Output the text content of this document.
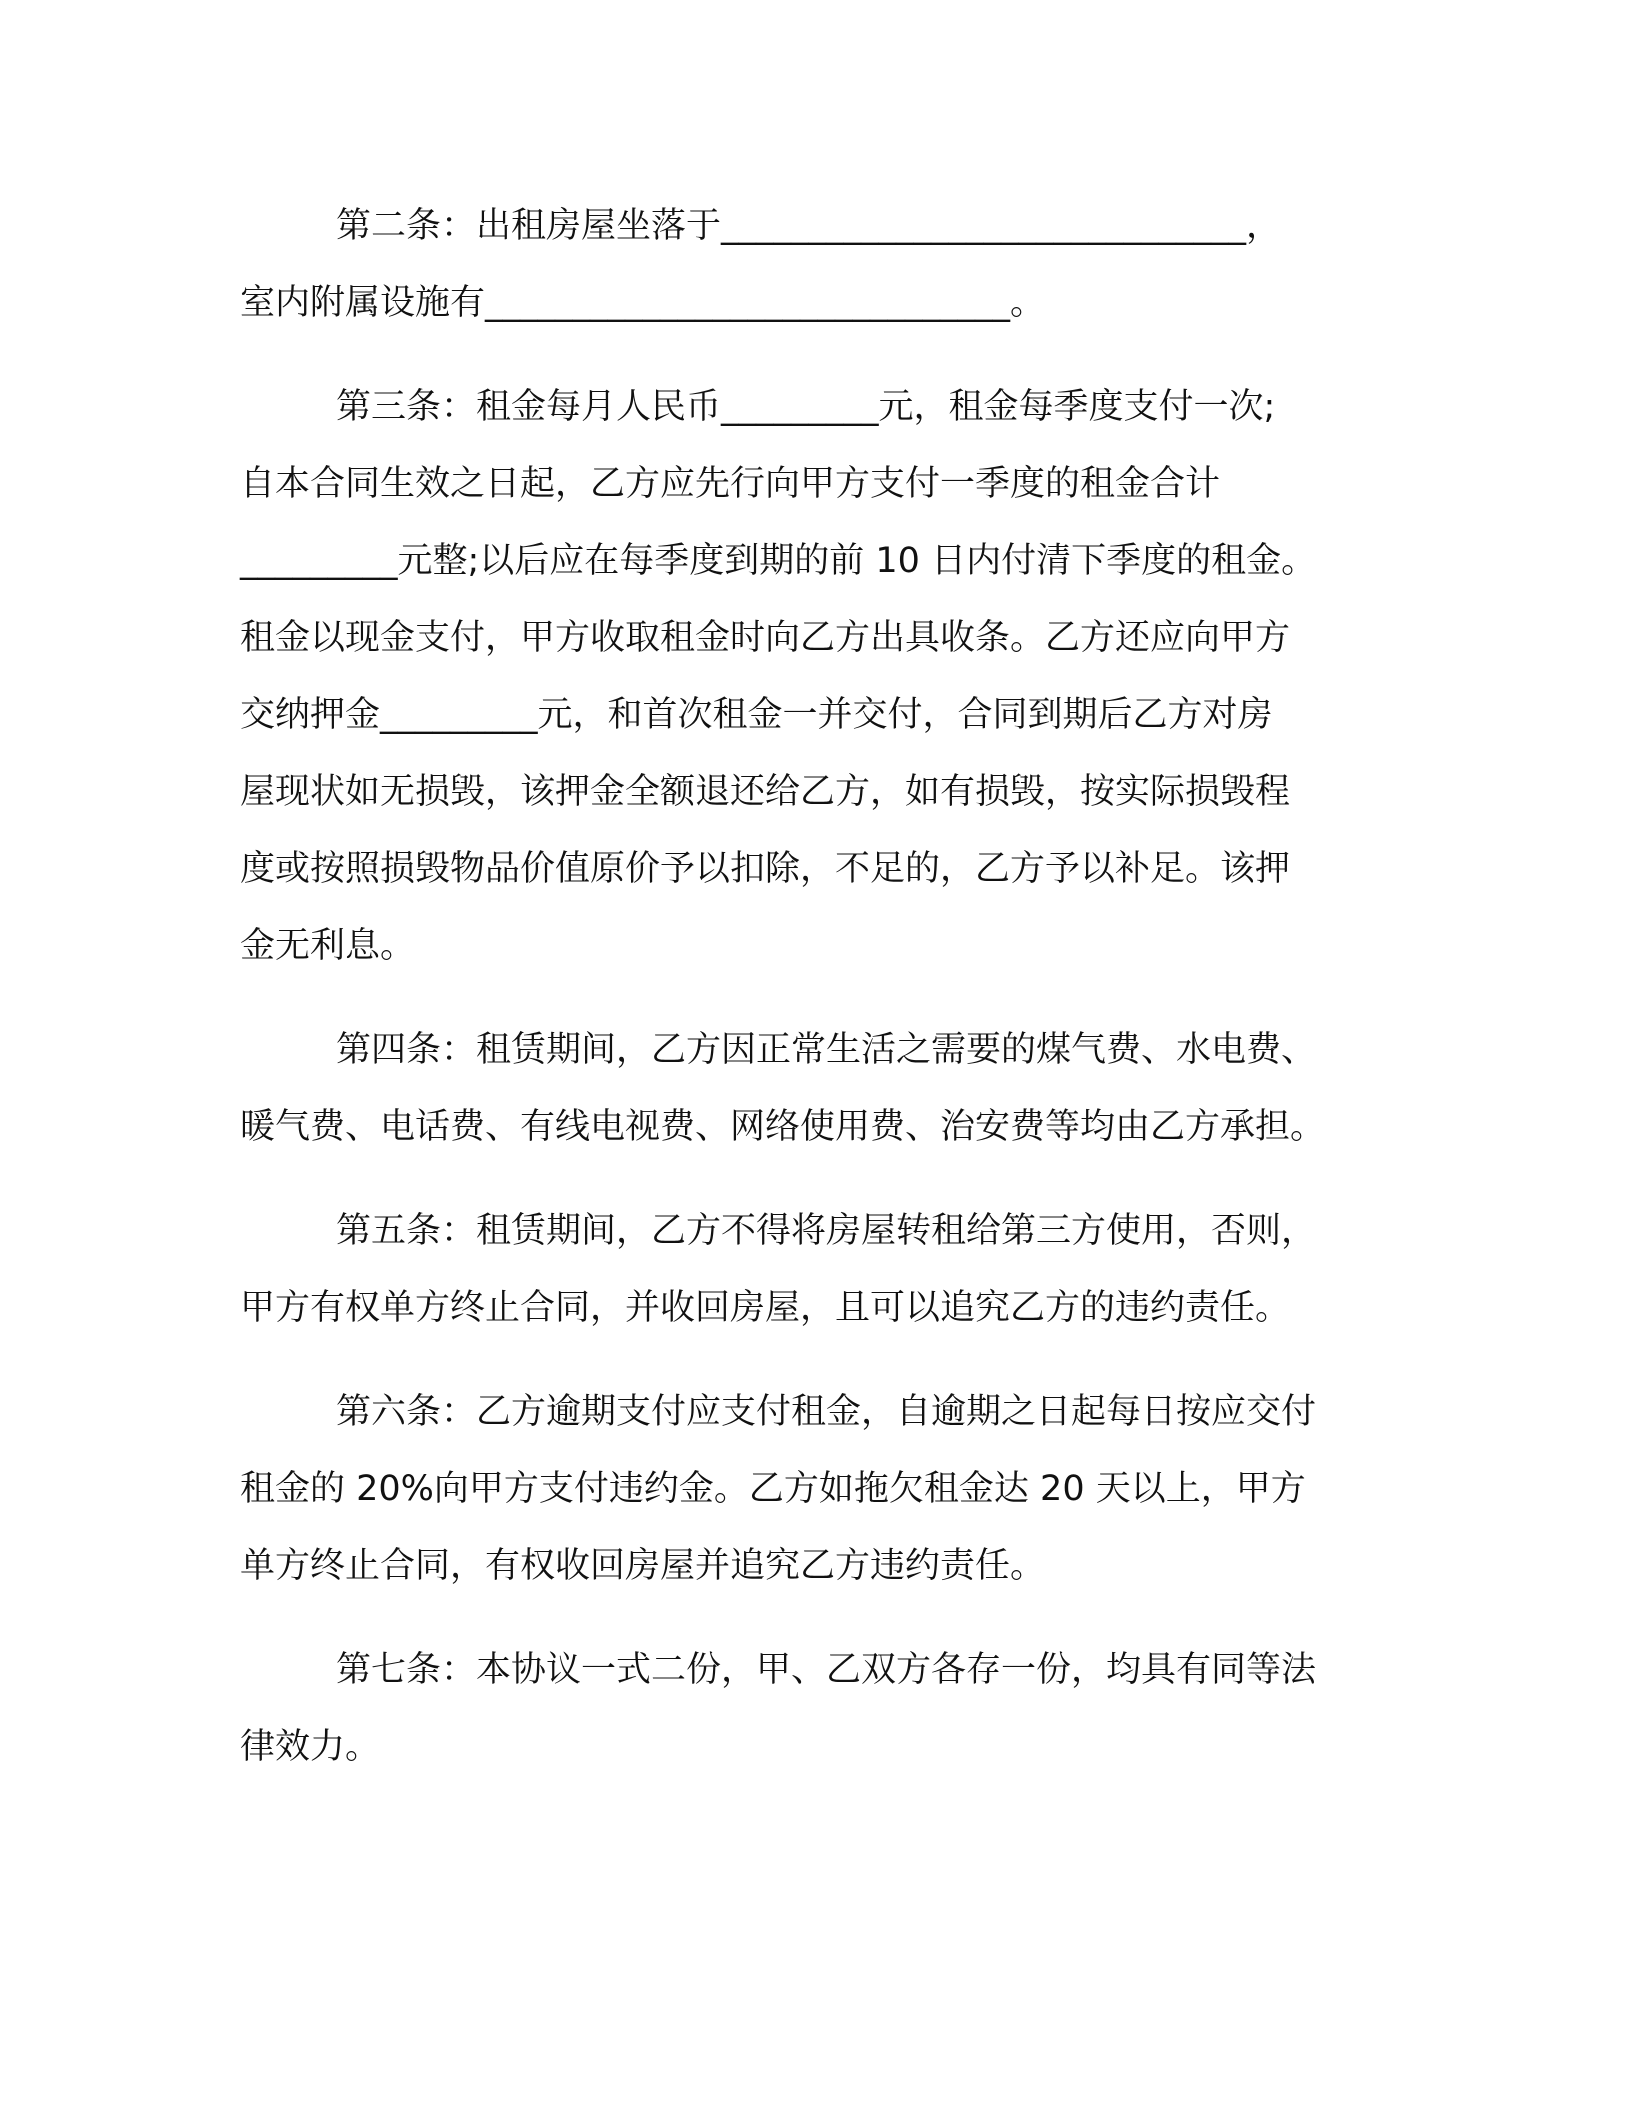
第二条：出租房屋坐落于______________________________，
室内附属设施有______________________________。
第三条：租金每月人民币_________元，租金每季度支付一次;
自本合同生效之日起，乙方应先行向甲方支付一季度的租金合计
_________元整;以后应在每季度到期的前 10 日内付清下季度的租金。
租金以现金支付，甲方收取租金时向乙方出具收条。乙方还应向甲方
交纳押金_________元，和首次租金一并交付，合同到期后乙方对房
屋现状如无损毁，该押金全额退还给乙方，如有损毁，按实际损毁程
度或按照损毁物品价值原价予以扣除，不足的，乙方予以补足。该押
金无利息。
第四条：租赁期间，乙方因正常生活之需要的煤气费、水电费、
暖气费、电话费、有线电视费、网络使用费、治安费等均由乙方承担。
第五条：租赁期间，乙方不得将房屋转租给第三方使用，否则，
甲方有权单方终止合同，并收回房屋，且可以追究乙方的违约责任。
第六条：乙方逾期支付应支付租金，自逾期之日起每日按应交付
租金的 20%向甲方支付违约金。乙方如拖欠租金达 20 天以上，甲方
单方终止合同，有权收回房屋并追究乙方违约责任。
第七条：本协议一式二份，甲、乙双方各存一份，均具有同等法
律效力。
